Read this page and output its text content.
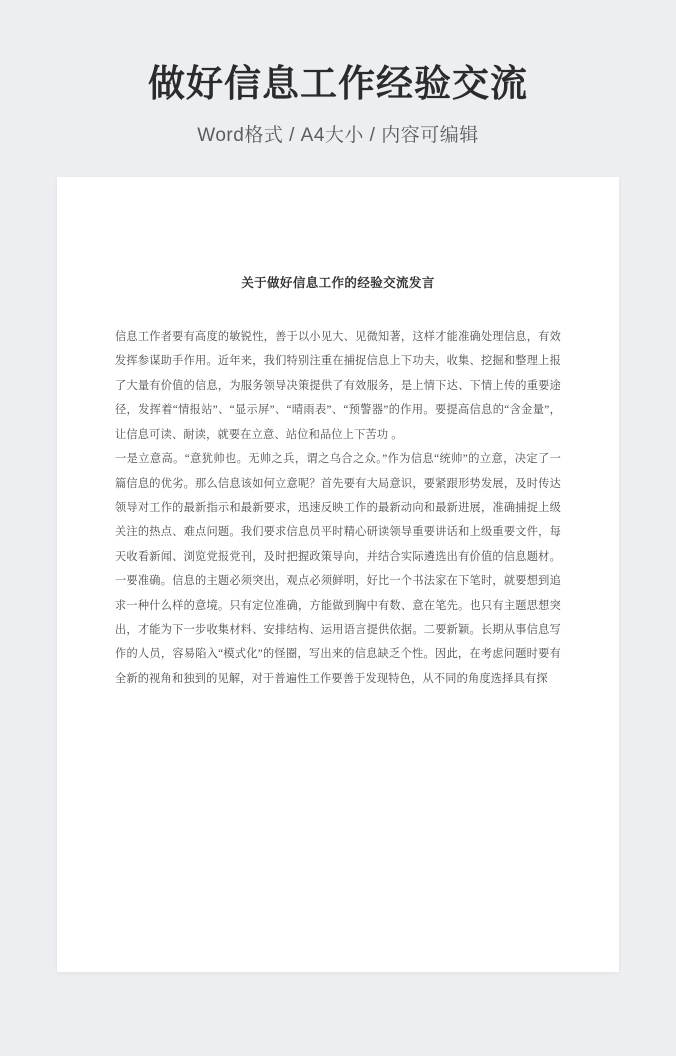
做好信息工作经验交流
Word格式 / A4大小 / 内容可编辑
关于做好信息工作的经验交流发言

信息工作者要有高度的敏锐性，善于以小见大、见微知著，这样才能准确处理信息，有效发挥参谋助手作用。近年来，我们特别注重在捕捉信息上下功夫，收集、挖掘和整理上报了大量有价值的信息，为服务领导决策提供了有效服务，是上情下达、下情上传的重要途径，发挥着“情报站”、“显示屏”、“晴雨表”、“预警器”的作用。要提高信息的“含金量”，让信息可读、耐读，就要在立意、站位和品位上下苦功 。

一是立意高。“意犹帅也。无帅之兵，谓之乌合之众。”作为信息“统帅”的立意，决定了一篇信息的优劣。那么信息该如何立意呢？首先要有大局意识，要紧跟形势发展，及时传达领导对工作的最新指示和最新要求，迅速反映工作的最新动向和最新进展，准确捕捉上级关注的热点、难点问题。我们要求信息员平时精心研读领导重要讲话和上级重要文件，每天收看新闻、浏览党报党刊，及时把握政策导向，并结合实际遴选出有价值的信息题材。一要准确。信息的主题必须突出，观点必须鲜明，好比一个书法家在下笔时，就要想到追求一种什么样的意境。只有定位准确，方能做到胸中有数、意在笔先。也只有主题思想突出，才能为下一步收集材料、安排结构、运用语言提供依据。二要新颖。长期从事信息写作的人员，容易陷入“模式化”的怪圈，写出来的信息缺乏个性。因此，在考虑问题时要有全新的视角和独到的见解，对于普遍性工作要善于发现特色，从不同的角度选择具有探
